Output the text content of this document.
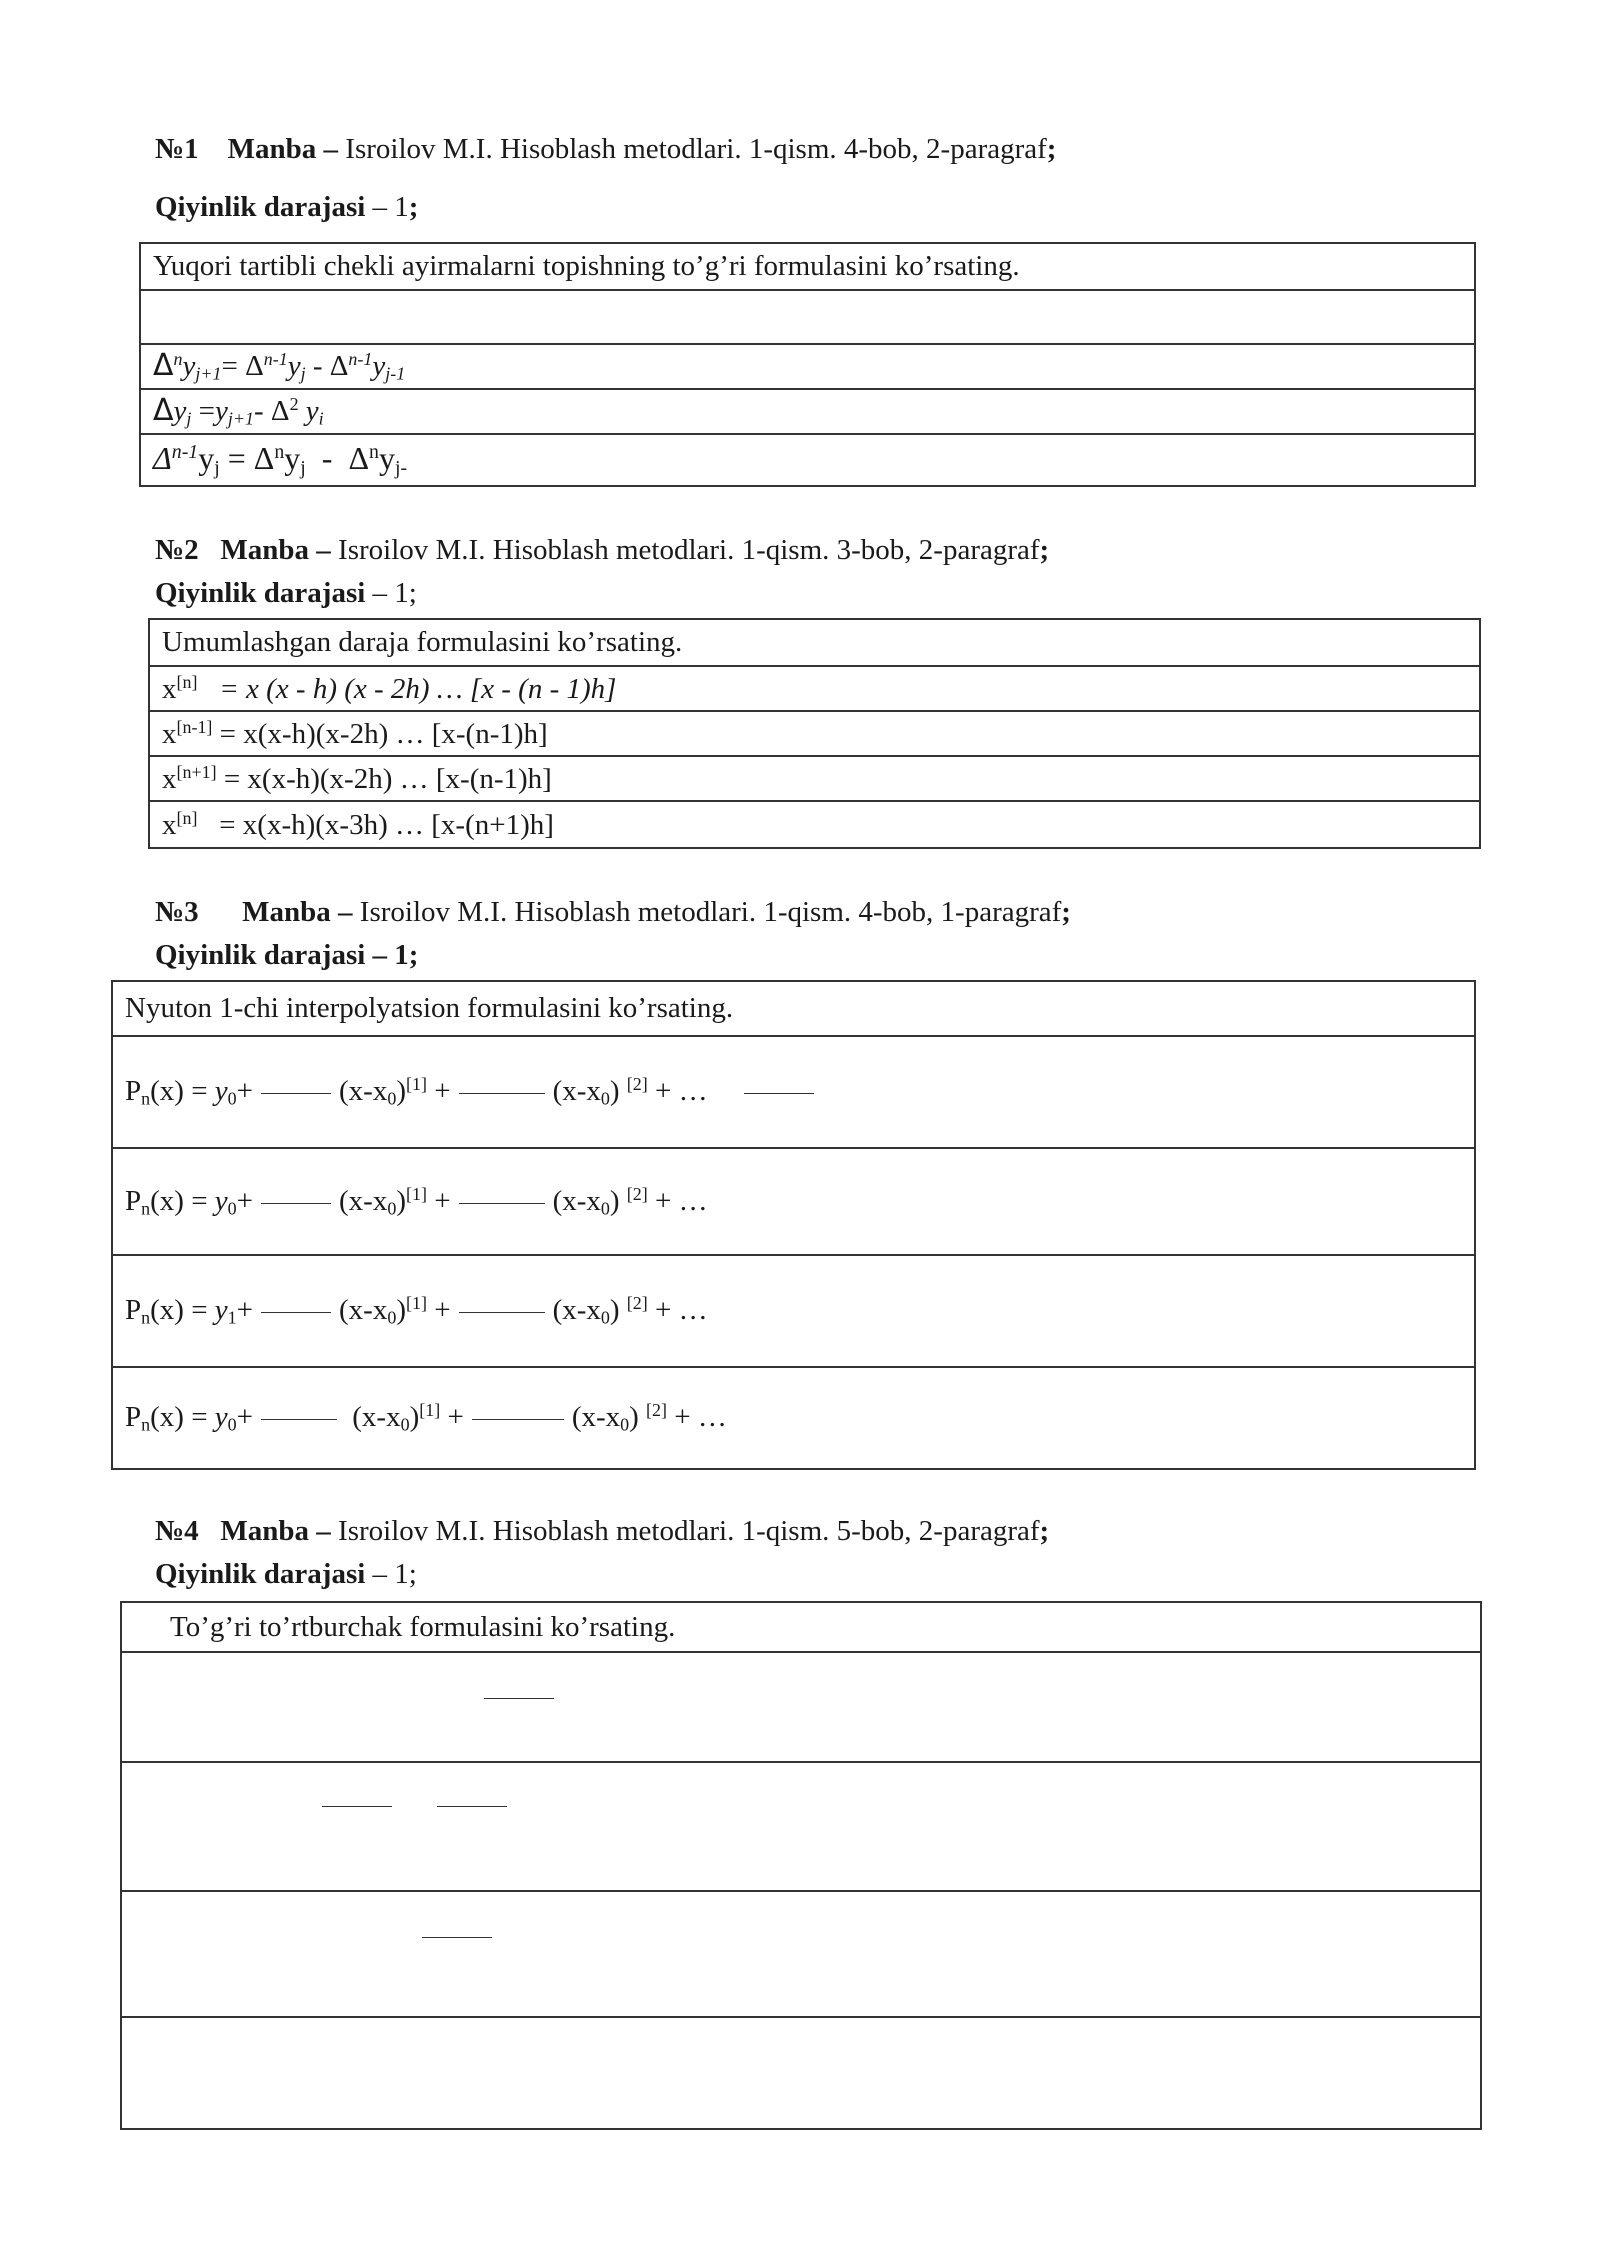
№1 Manba – Isroilov M.I. Hisoblash metodlari. 1-qism. 4-bob, 2-paragraf;
Qiyinlik darajasi – 1;
Yuqori tartibli chekli ayirmalarni topishning to’g’ri formulasini ko’rsating.

$\Delta^ny_{j+1}= \Delta^{n-1}y_j - \Delta^{n-1}y_{j-1}$
$\Delta y_j =y_{j+1}-$ $\Delta^2$ $y_i$
$\Delta^{n-1}y_j = \Delta^ny_j - \Delta^ny_{j-}$
№2 Manba – Isroilov M.I. Hisoblash metodlari. 1-qism. 3-bob, 2-paragraf;
Qiyinlik darajasi – 1;
Umumlashgan daraja formulasini ko’rsating.
x[n] = x (x - h) (x - 2h) … [x - (n - 1)h]
x[n-1] = x(x-h)(x-2h) … [x-(n-1)h]
x[n+1] = x(x-h)(x-2h) … [x-(n-1)h]
x[n] = x(x-h)(x-3h) … [x-(n+1)h]
№3 Manba – Isroilov M.I. Hisoblash metodlari. 1-qism. 4-bob, 1-paragraf;
Qiyinlik darajasi – 1;
Nyuton 1-chi interpolyatsion formulasini ko’rsating.
$P_n(x) = y_0+$	$(x-x_0)[1]$ +	$(x-x_0) [2]$ + …
$P_n(x) = y_0+$	$(x-x_0)[1]$ +	$(x-x_0) [2]$ + …
$P_n(x) = y_1+$	$(x-x_0)[1]$ +	$(x-x_0) [2]$ + …
$P_n(x) = y_0+$	$(x-x_0)[1]$ +	$(x-x_0) [2]$ + …
№4 Manba – Isroilov M.I. Hisoblash metodlari. 1-qism. 5-bob, 2-paragraf;
Qiyinlik darajasi – 1;
To’g’ri to’rtburchak formulasini ko’rsating.
